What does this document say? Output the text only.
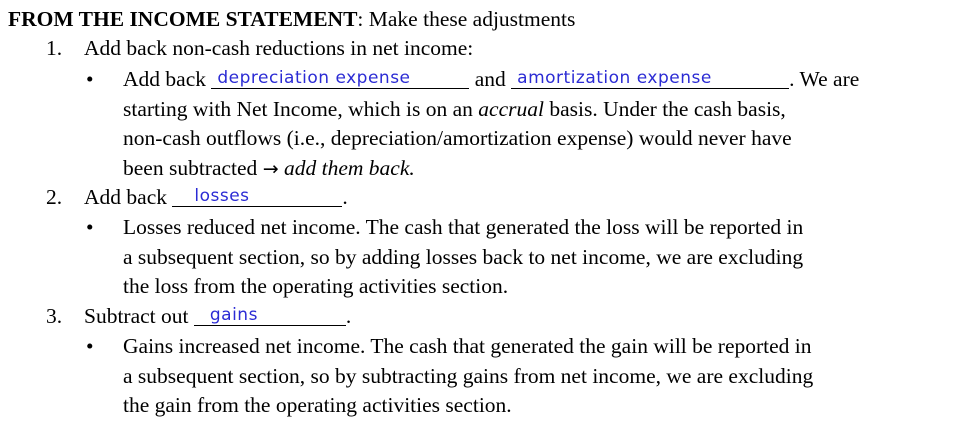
FROM THE INCOME STATEMENT: Make these adjustments
1. Add back non-cash reductions in net income:
• Add back depreciation expense	and amortization expense	. We are
starting with Net Income, which is on an accrual basis. Under the cash basis,
non-cash outflows (i.e., depreciation/amortization expense) would never have
been subtracted → add them back.
2. Add back losses	.
• Losses reduced net income. The cash that generated the loss will be reported in
a subsequent section, so by adding losses back to net income, we are excluding
the loss from the operating activities section.
3. Subtract out gains	.
• Gains increased net income. The cash that generated the gain will be reported in
a subsequent section, so by subtracting gains from net income, we are excluding
the gain from the operating activities section.
